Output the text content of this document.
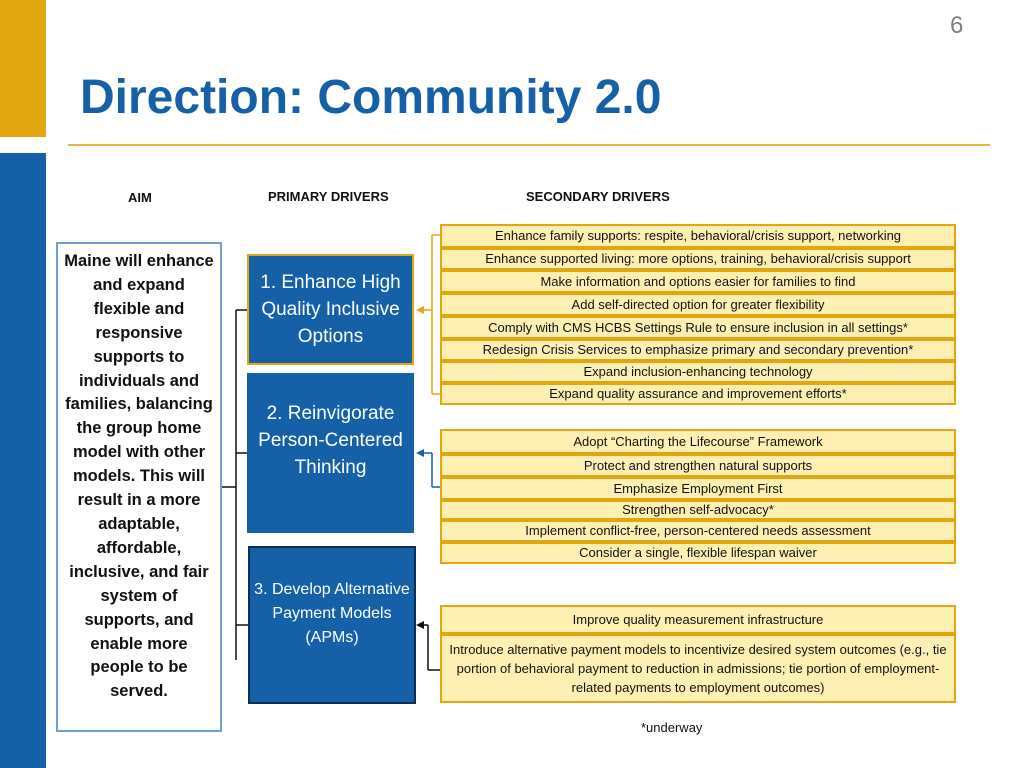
6
Direction: Community 2.0
AIM	PRIMARY DRIVERS	SECONDARY DRIVERS
Maine will enhance and expand flexible and responsive supports to individuals and families, balancing the group home model with other models. This will result in a more adaptable, affordable, inclusive, and fair system of supports, and enable more people to be served.
1. Enhance High Quality Inclusive Options
2. Reinvigorate Person-Centered Thinking
3. Develop Alternative Payment Models (APMs)
Enhance family supports: respite, behavioral/crisis support, networking
Enhance supported living: more options, training, behavioral/crisis support
Make information and options easier for families to find
Add self-directed option for greater flexibility
Comply with CMS HCBS Settings Rule to ensure inclusion in all settings*
Redesign Crisis Services to emphasize primary and secondary prevention*
Expand inclusion-enhancing technology
Expand quality assurance and improvement efforts*
Adopt “Charting the Lifecourse” Framework
Protect and strengthen natural supports
Emphasize Employment First
Strengthen self-advocacy*
Implement conflict-free, person-centered needs assessment
Consider a single, flexible lifespan waiver
Improve quality measurement infrastructure
Introduce alternative payment models to incentivize desired system outcomes (e.g., tie portion of behavioral payment to reduction in admissions; tie portion of employment-related payments to employment outcomes)
*underway
